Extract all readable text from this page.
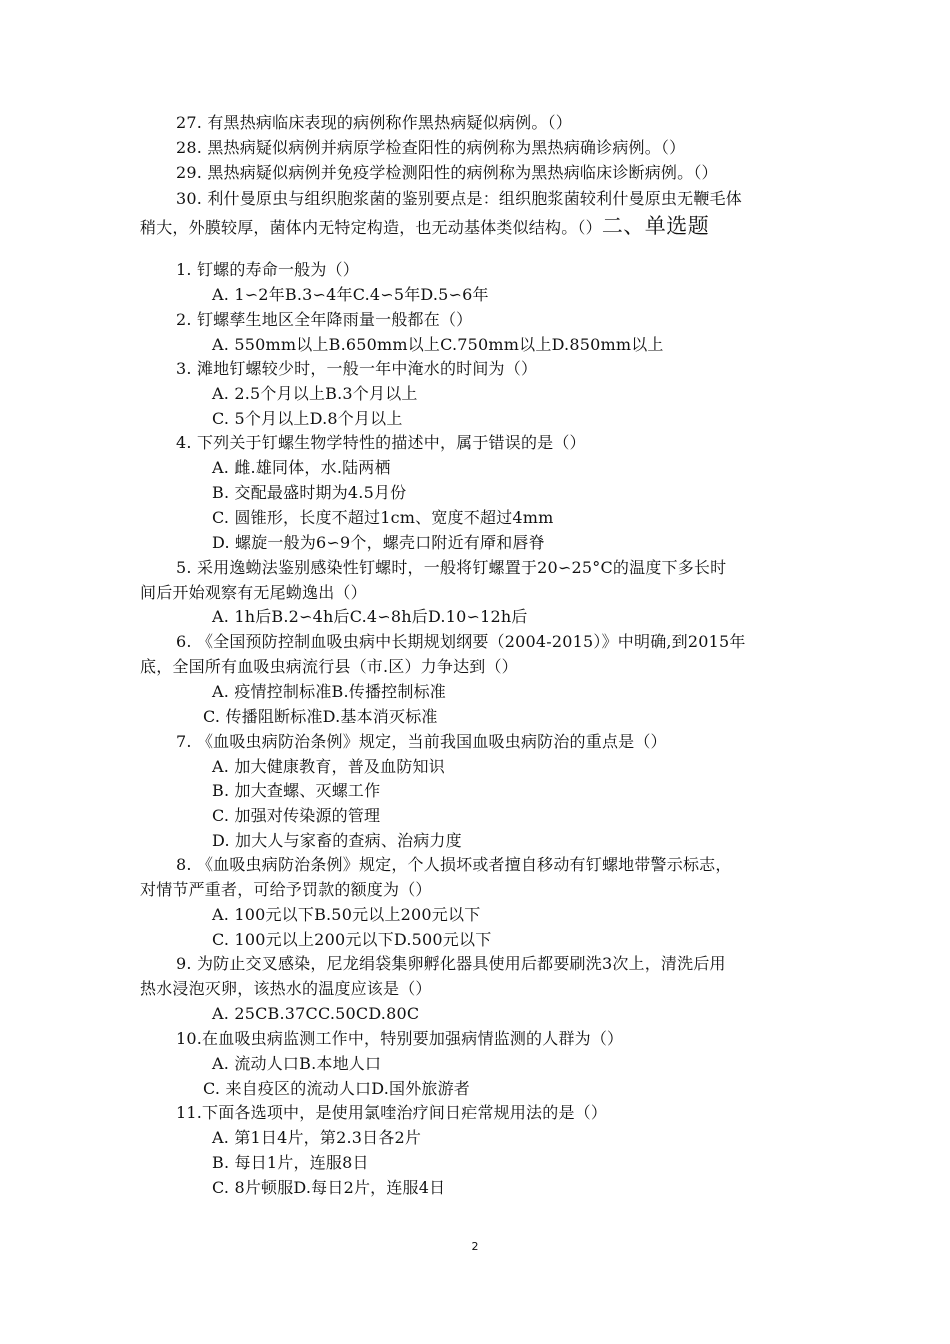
27. 有黑热病临床表现的病例称作黑热病疑似病例。（）
28. 黑热病疑似病例并病原学检查阳性的病例称为黑热病确诊病例。（）
29. 黑热病疑似病例并免疫学检测阳性的病例称为黑热病临床诊断病例。（）
30. 利什曼原虫与组织胞浆菌的鉴别要点是：组织胞浆菌较利什曼原虫无鞭毛体
稍大，外膜较厚，菌体内无特定构造，也无动基体类似结构。（）二、单选题
1. 钉螺的寿命一般为（）
A. 1∽2年B.3∽4年C.4∽5年D.5∽6年
2. 钉螺孳生地区全年降雨量一般都在（）
A. 550mm以上B.650mm以上C.750mm以上D.850mm以上
3. 滩地钉螺较少时，一般一年中淹水的时间为（）
A. 2.5个月以上B.3个月以上
C. 5个月以上D.8个月以上
4. 下列关于钉螺生物学特性的描述中，属于错误的是（）
A. 雌.雄同体，水.陆两栖
B. 交配最盛时期为4.5月份
C. 圆锥形，长度不超过1cm、宽度不超过4mm
D. 螺旋一般为6∽9个，螺壳口附近有厣和唇脊
5. 采用逸蚴法鉴别感染性钉螺时，一般将钉螺置于20∽25°C的温度下多长时
间后开始观察有无尾蚴逸出（）
A. 1h后B.2∽4h后C.4∽8h后D.10∽12h后
6. 《全国预防控制血吸虫病中长期规划纲要（2004-2015）》中明确,到2015年
底，全国所有血吸虫病流行县（市.区）力争达到（）
A. 疫情控制标准B.传播控制标准
C. 传播阻断标准D.基本消灭标准
7. 《血吸虫病防治条例》规定，当前我国血吸虫病防治的重点是（）
A. 加大健康教育，普及血防知识
B. 加大查螺、灭螺工作
C. 加强对传染源的管理
D. 加大人与家畜的查病、治病力度
8. 《血吸虫病防治条例》规定，个人损坏或者擅自移动有钉螺地带警示标志，
对情节严重者，可给予罚款的额度为（）
A. 100元以下B.50元以上200元以下
C. 100元以上200元以下D.500元以下
9. 为防止交叉感染，尼龙绢袋集卵孵化器具使用后都要刷洗3次上，清洗后用
热水浸泡灭卵，该热水的温度应该是（）
A. 25CB.37CC.50CD.80C
10.在血吸虫病监测工作中，特别要加强病情监测的人群为（）
A. 流动人口B.本地人口
C. 来自疫区的流动人口D.国外旅游者
11.下面各选项中，是使用氯喹治疗间日疟常规用法的是（）
A. 第1日4片，第2.3日各2片
B. 每日1片，连服8日
C. 8片顿服D.每日2片，连服4日
2
